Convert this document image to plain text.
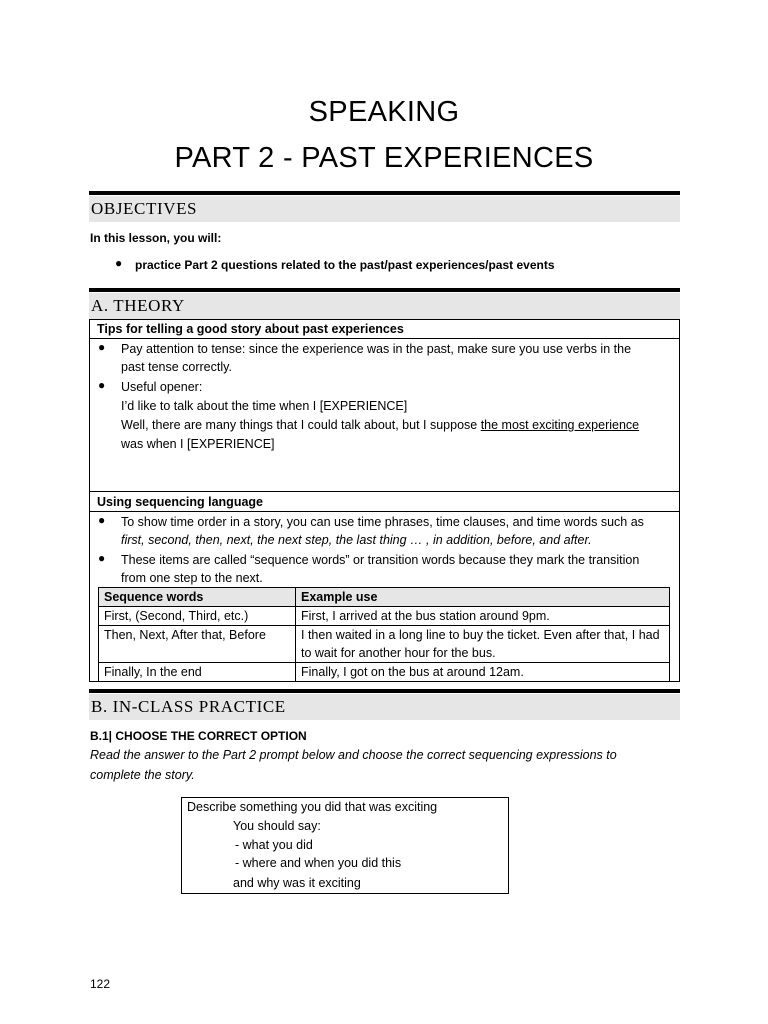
SPEAKING
PART 2 - PAST EXPERIENCES
OBJECTIVES
In this lesson, you will:
● practice Part 2 questions related to the past/past experiences/past events
A. THEORY
Tips for telling a good story about past experiences
● Pay attention to tense: since the experience was in the past, make sure you use verbs in the
past tense correctly.
● Useful opener:
I’d like to talk about the time when I [EXPERIENCE]
Well, there are many things that I could talk about, but I suppose the most exciting experience
was when I [EXPERIENCE]
Using sequencing language
● To show time order in a story, you can use time phrases, time clauses, and time words such as
first, second, then, next, the next step, the last thing … , in addition, before, and after.
● These items are called “sequence words” or transition words because they mark the transition
from one step to the next.
Sequence words	Example use
First, (Second, Third, etc.)	First, I arrived at the bus station around 9pm.
Then, Next, After that, Before	I then waited in a long line to buy the ticket. Even after that, I had to wait for another hour for the bus.
Finally, In the end	Finally, I got on the bus at around 12am.
B. IN-CLASS PRACTICE
B.1| CHOOSE THE CORRECT OPTION
Read the answer to the Part 2 prompt below and choose the correct sequencing expressions to
complete the story.
Describe something you did that was exciting
You should say:
- what you did
- where and when you did this
and why was it exciting
122
